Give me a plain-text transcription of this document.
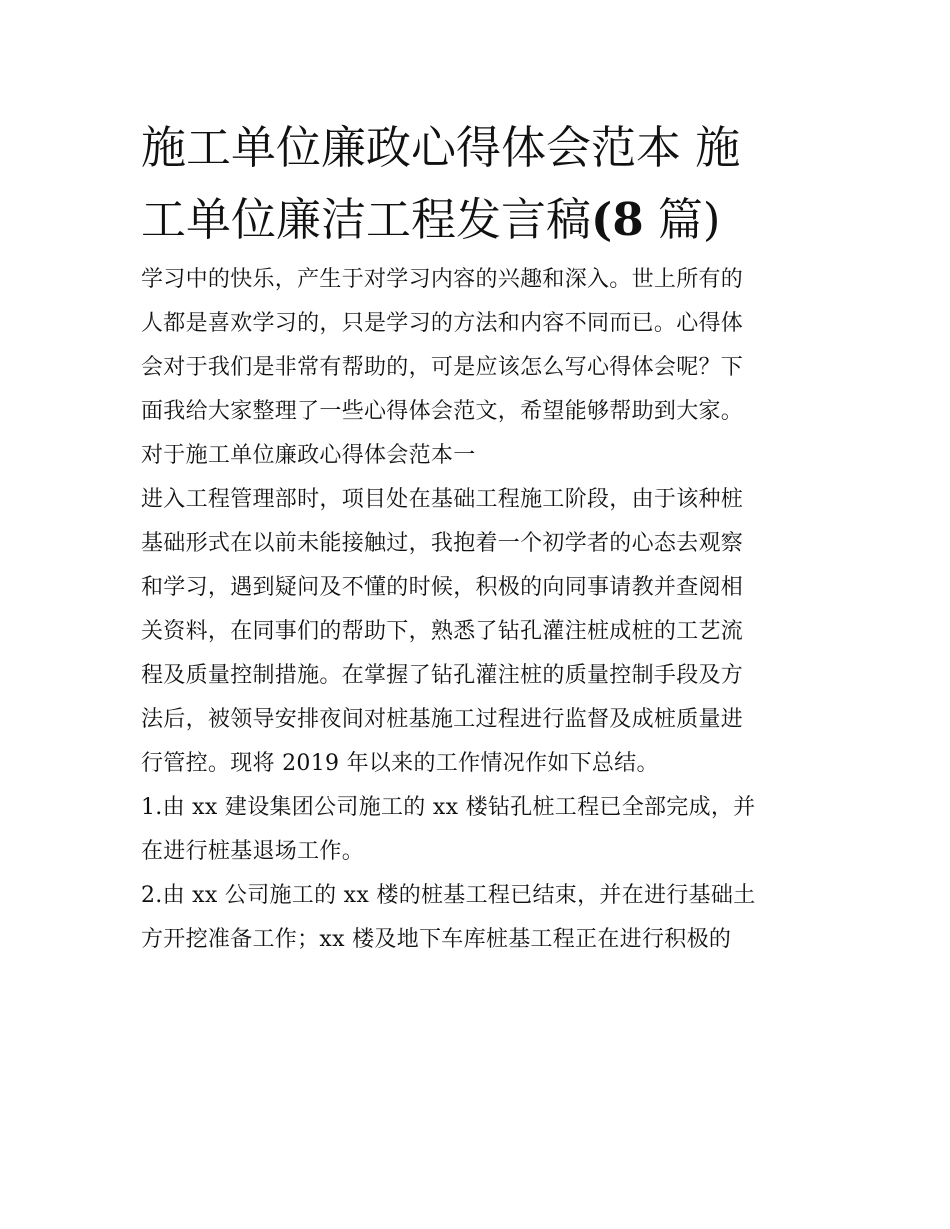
施工单位廉政心得体会范本 施
工单位廉洁工程发言稿(8 篇)
学习中的快乐，产生于对学习内容的兴趣和深入。世上所有的
人都是喜欢学习的，只是学习的方法和内容不同而已。心得体
会对于我们是非常有帮助的，可是应该怎么写心得体会呢？下
面我给大家整理了一些心得体会范文，希望能够帮助到大家。
对于施工单位廉政心得体会范本一
进入工程管理部时，项目处在基础工程施工阶段，由于该种桩
基础形式在以前未能接触过，我抱着一个初学者的心态去观察
和学习，遇到疑问及不懂的时候，积极的向同事请教并查阅相
关资料，在同事们的帮助下，熟悉了钻孔灌注桩成桩的工艺流
程及质量控制措施。在掌握了钻孔灌注桩的质量控制手段及方
法后，被领导安排夜间对桩基施工过程进行监督及成桩质量进
行管控。现将 2019 年以来的工作情况作如下总结。
1.由 xx 建设集团公司施工的 xx 楼钻孔桩工程已全部完成，并
在进行桩基退场工作。
2.由 xx 公司施工的 xx 楼的桩基工程已结束，并在进行基础土
方开挖准备工作；xx 楼及地下车库桩基工程正在进行积极的
